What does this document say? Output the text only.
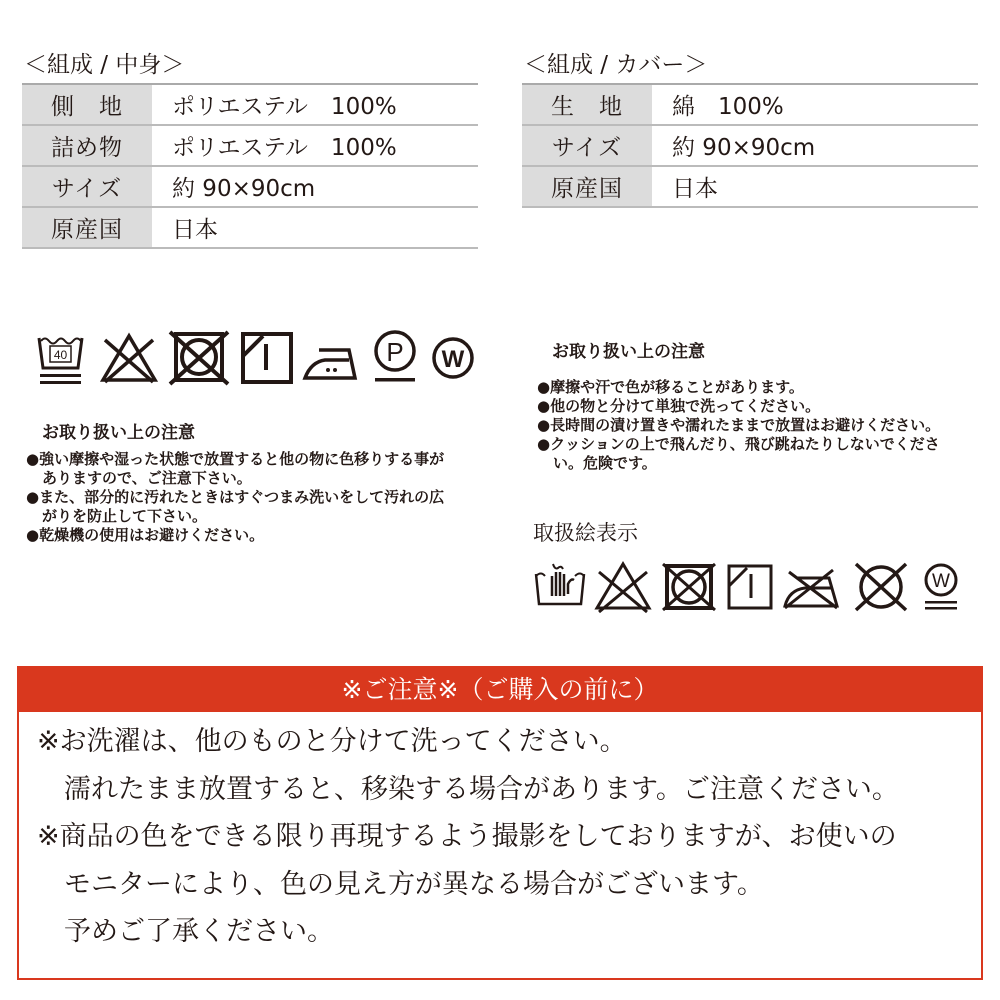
＜組成 / 中身＞
側　地	ポリエステル　100%
詰め物	ポリエステル　100%
サイズ	約 90×90cm
原産国	日本
＜組成 / カバー＞
生　地	綿　100%
サイズ	約 90×90cm
原産国	日本
40	P W
お取り扱い上の注意
●強い摩擦や湿った状態で放置すると他の物に色移りする事がありますので、ご注意下さい。
●また、部分的に汚れたときはすぐつまみ洗いをして汚れの広がりを防止して下さい。
●乾燥機の使用はお避けください。
お取り扱い上の注意
●摩擦や汗で色が移ることがあります。
●他の物と分けて単独で洗ってください。
●長時間の漬け置きや濡れたままで放置はお避けください。
●クッションの上で飛んだり、飛び跳ねたりしないでください。危険です。
取扱絵表示
W
※ご注意※（ご購入の前に）
※お洗濯は、他のものと分けて洗ってください。
　濡れたまま放置すると、移染する場合があります。ご注意ください。
※商品の色をできる限り再現するよう撮影をしておりますが、お使いの
　モニターにより、色の見え方が異なる場合がございます。
　予めご了承ください。
